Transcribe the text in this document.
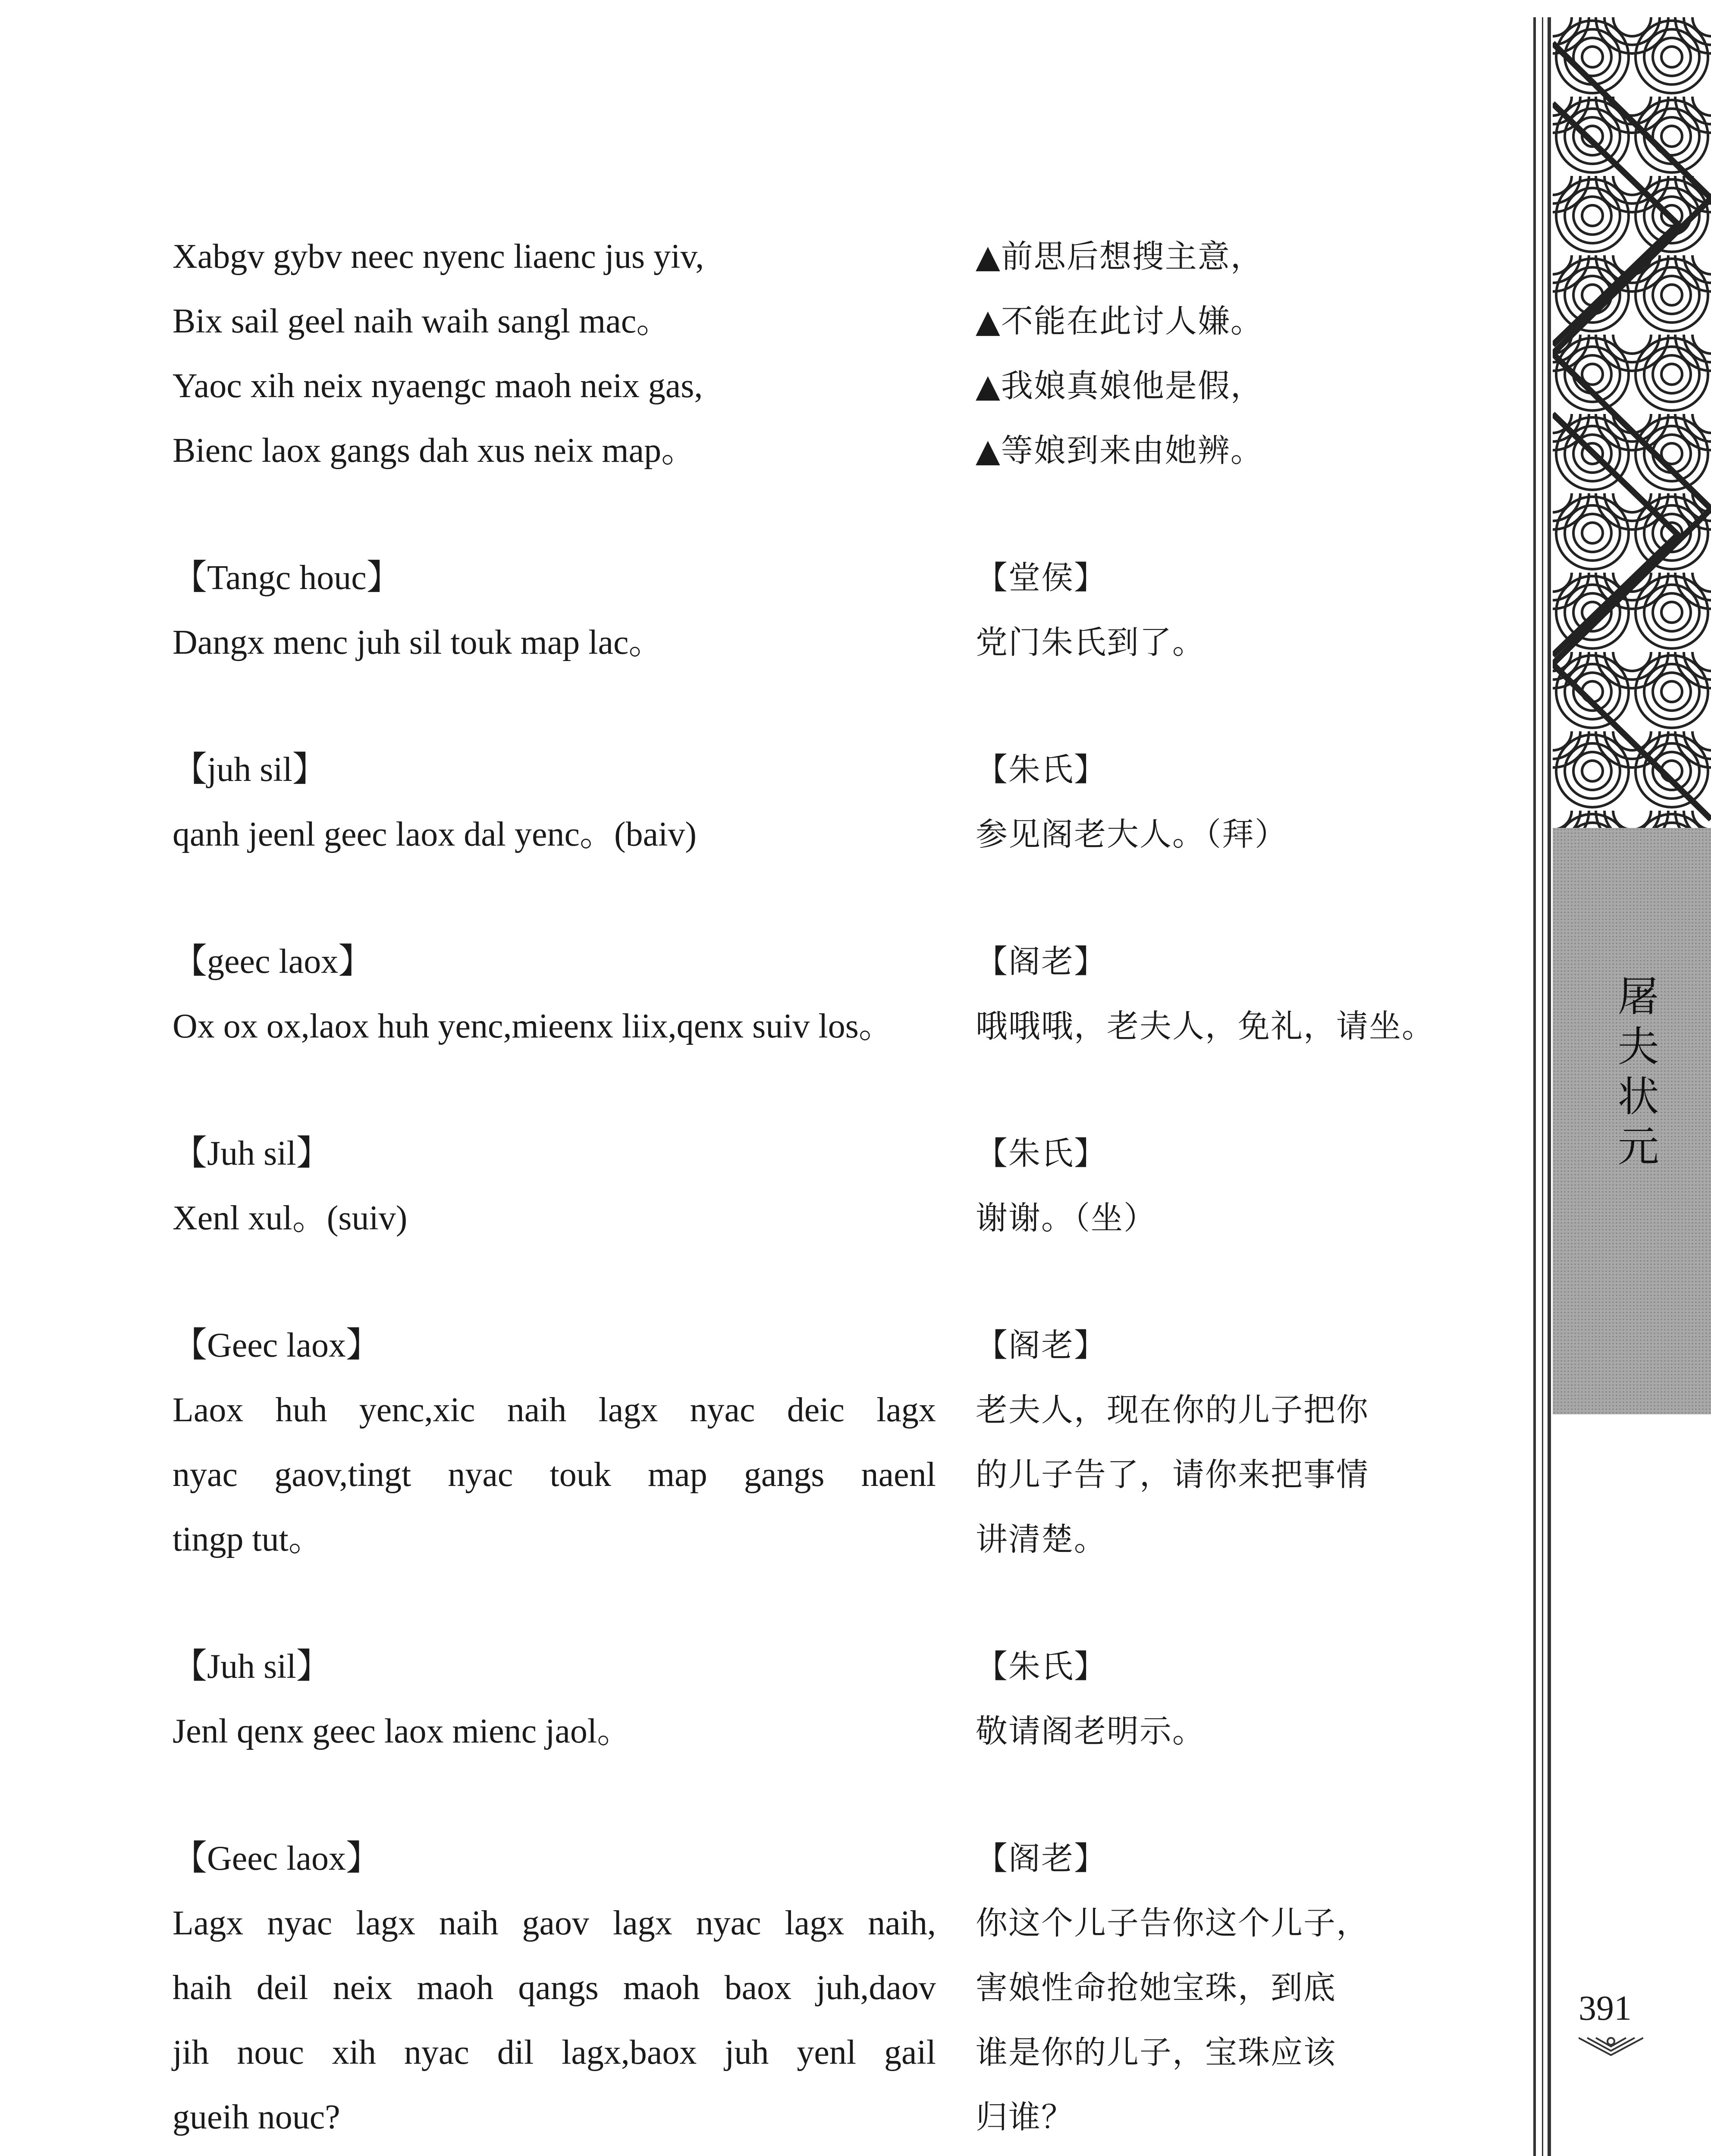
Xabgv gybv neec nyenc liaenc jus yiv,
Bix sail geel naih waih sangl mac。
Yaoc xih neix nyaengc maoh neix gas,
Bienc laox gangs dah xus neix map。
【Tangc houc】
Dangx menc juh sil touk map lac。
【juh sil】
qanh jeenl geec laox dal yenc。(baiv)
【geec laox】
Ox ox ox,laox huh yenc,mieenx liix,qenx suiv los。
【Juh sil】
Xenl xul。(suiv)
【Geec laox】
Laox huh yenc,xic naih lagx nyac deic lagx
nyac gaov,tingt nyac touk map gangs naenl
tingp tut。
【Juh sil】
Jenl qenx geec laox mienc jaol。
【Geec laox】
Lagx nyac lagx naih gaov lagx nyac lagx naih,
haih deil neix maoh qangs maoh baox juh,daov
jih nouc xih nyac dil lagx,baox juh yenl gail
gueih nouc?
▲前思后想搜主意，
▲不能在此讨人嫌。
▲我娘真娘他是假，
▲等娘到来由她辨。
【堂侯】
党门朱氏到了。
【朱氏】
参见阁老大人。（拜）
【阁老】
哦哦哦，老夫人，免礼，请坐。
【朱氏】
谢谢。（坐）
【阁老】
老夫人，现在你的儿子把你
的儿子告了，请你来把事情
讲清楚。
【朱氏】
敬请阁老明示。
【阁老】
你这个儿子告你这个儿子，
害娘性命抢她宝珠，到底
谁是你的儿子，宝珠应该
归谁？
屠夫状元
391
